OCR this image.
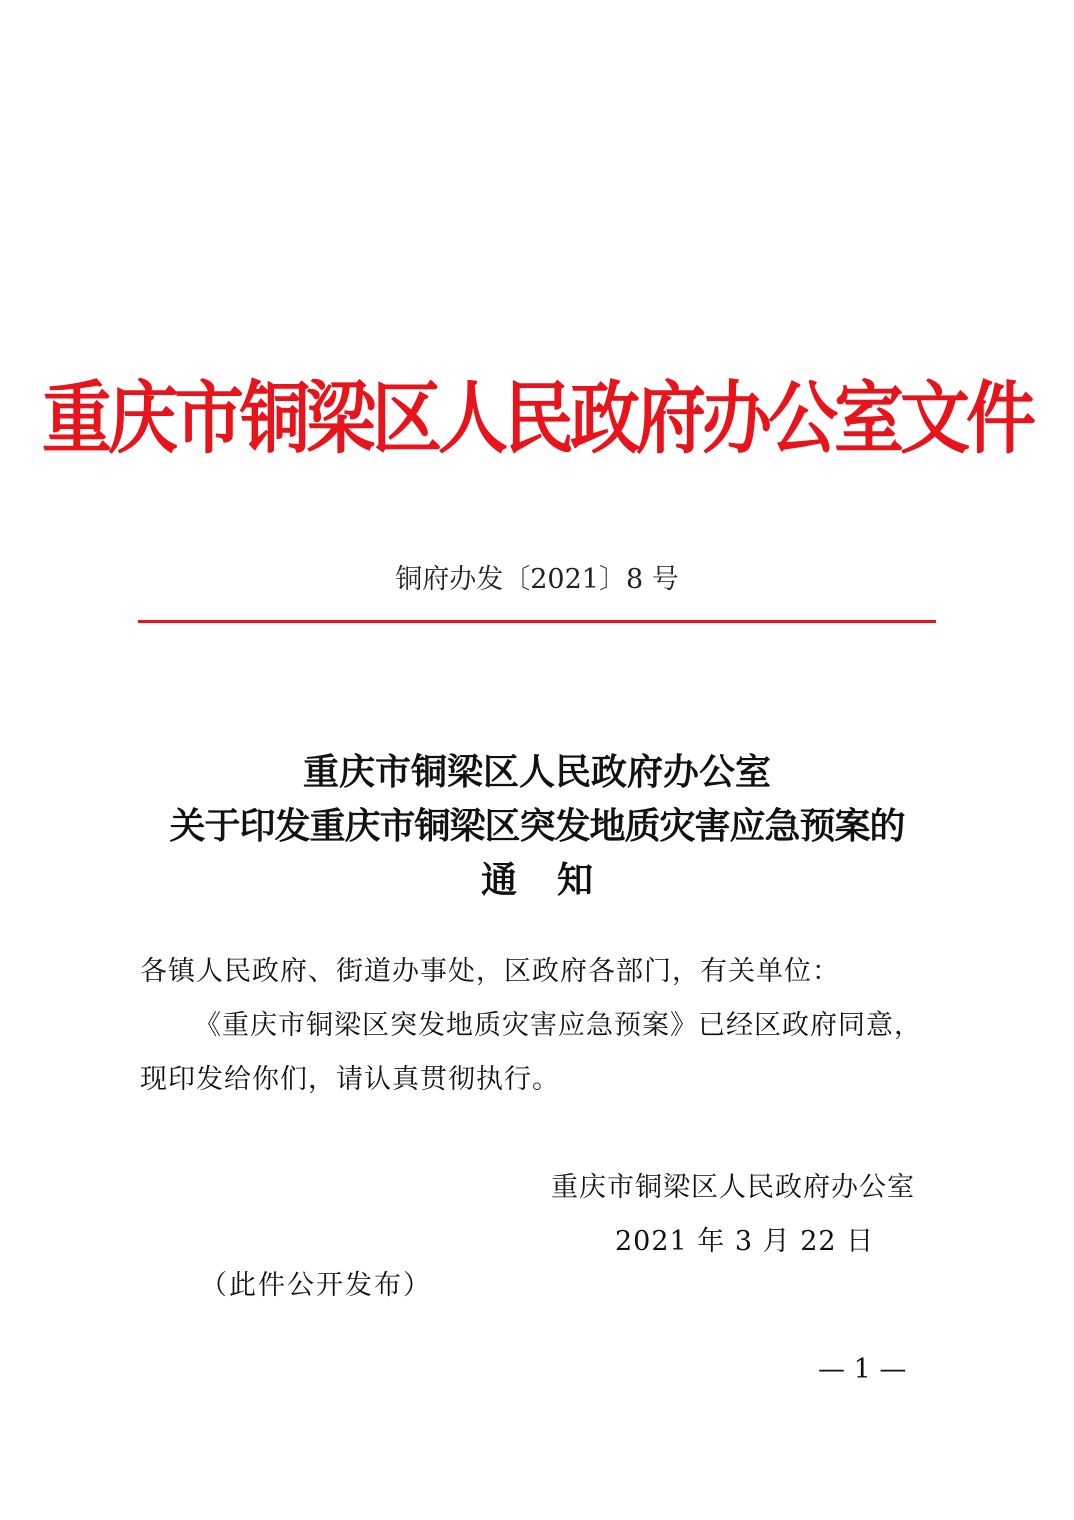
重庆市铜梁区人民政府办公室文件
铜府办发〔2021〕8 号
重庆市铜梁区人民政府办公室
关于印发重庆市铜梁区突发地质灾害应急预案的
通知
各镇人民政府、街道办事处，区政府各部门，有关单位：
《重庆市铜梁区突发地质灾害应急预案》已经区政府同意，
现印发给你们，请认真贯彻执行。
重庆市铜梁区人民政府办公室
2021 年 3 月 22 日
（此件公开发布）
— 1 —
